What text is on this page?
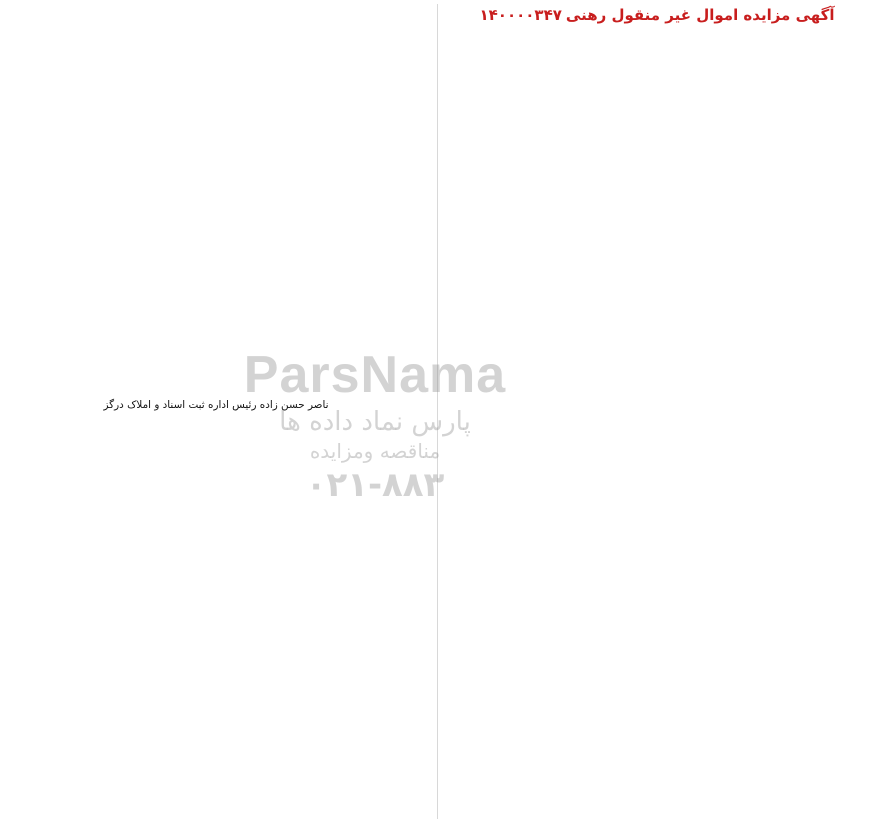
آگهی مزایده اموال غیر منقول رهنی۱۴۰۰۰۰۳۴۷
ناصر حسن زاده رئیس اداره ثبت اسناد و املاک درگز
ParsNama
پارس نماد داده ها
مناقصه ومزایده
۰۲۱-۸۸۳
